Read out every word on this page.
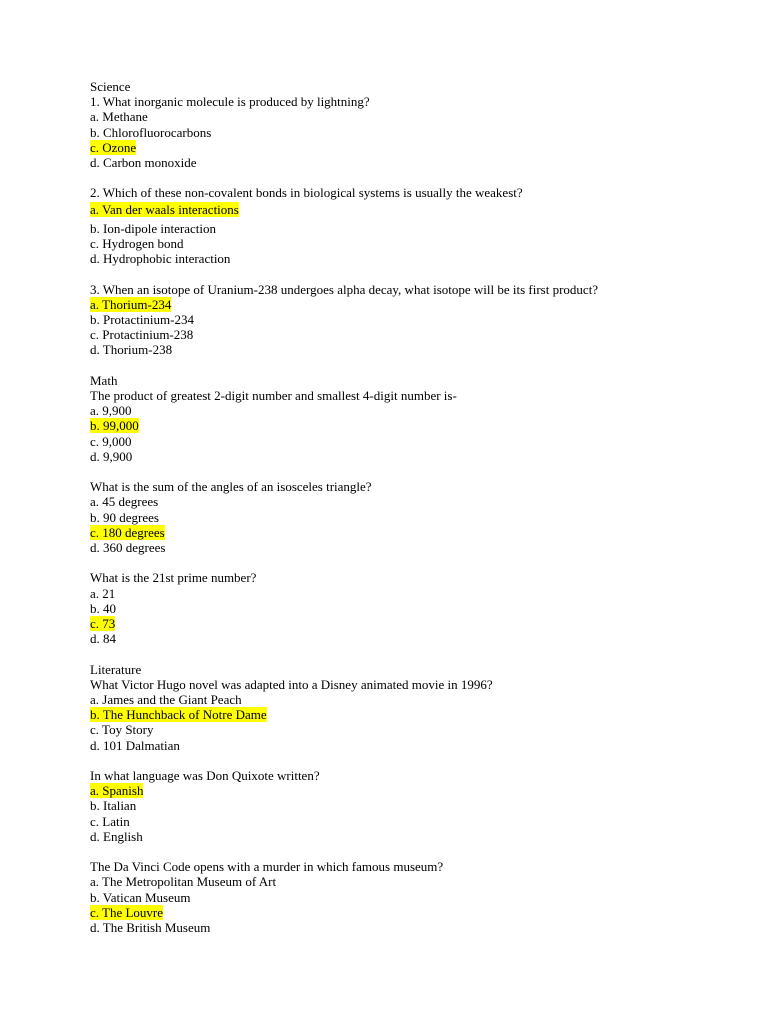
Science
1. What inorganic molecule is produced by lightning?
a. Methane
b. Chlorofluorocarbons
c. Ozone
d. Carbon monoxide
2. Which of these non-covalent bonds in biological systems is usually the weakest?
a. Van der waals interactions
b. Ion-dipole interaction
c. Hydrogen bond
d. Hydrophobic interaction
3. When an isotope of Uranium-238 undergoes alpha decay, what isotope will be its first product?
a. Thorium-234
b. Protactinium-234
c. Protactinium-238
d. Thorium-238
Math
The product of greatest 2-digit number and smallest 4-digit number is-
a. 9,900
b. 99,000
c. 9,000
d. 9,900
What is the sum of the angles of an isosceles triangle?
a. 45 degrees
b. 90 degrees
c. 180 degrees
d. 360 degrees
What is the 21st prime number?
a. 21
b. 40
c. 73
d. 84
Literature
What Victor Hugo novel was adapted into a Disney animated movie in 1996?
a. James and the Giant Peach
b. The Hunchback of Notre Dame
c. Toy Story
d. 101 Dalmatian
In what language was Don Quixote written?
a. Spanish
b. Italian
c. Latin
d. English
The Da Vinci Code opens with a murder in which famous museum?
a. The Metropolitan Museum of Art
b. Vatican Museum
c. The Louvre
d. The British Museum
